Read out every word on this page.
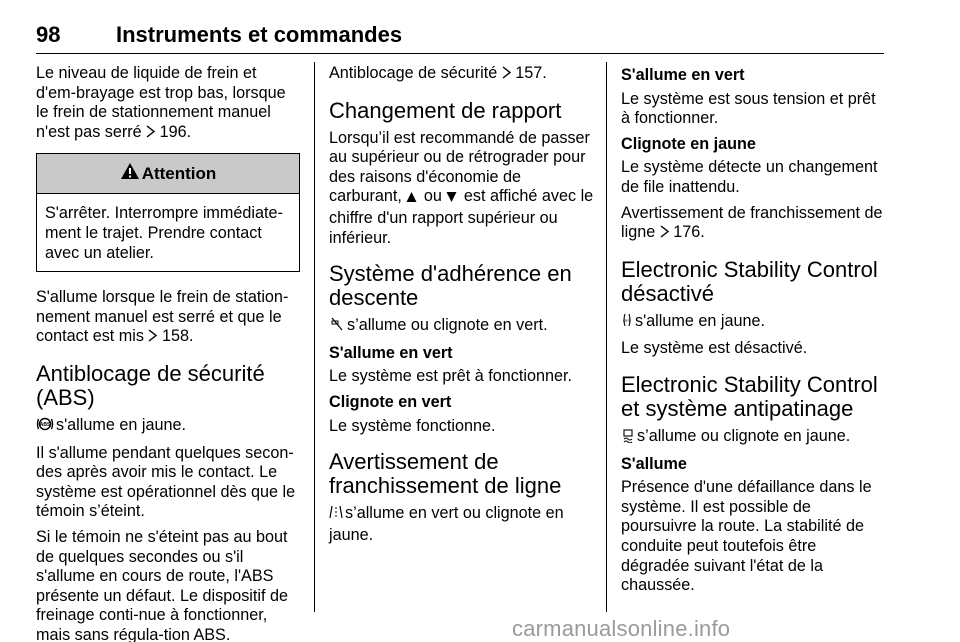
98	Instruments et commandes

Le niveau de liquide de frein et d'em-brayage est trop bas, lorsque le frein de stationnement manuel n'est pas serré 196.

Attention
S'arrêter. Interrompre immédiate-ment le trajet. Prendre contact avec un atelier.

S'allume lorsque le frein de station-nement manuel est serré et que le contact est mis 158.

Antiblocage de sécurité (ABS)

ABS s'allume en jaune.

Il s'allume pendant quelques secon-des après avoir mis le contact. Le système est opérationnel dès que le témoin s’éteint.

Si le témoin ne s'éteint pas au bout de quelques secondes ou s'il s'allume en cours de route, l'ABS présente un défaut. Le dispositif de freinage conti-nue à fonctionner, mais sans régula-tion ABS.

Antiblocage de sécurité 157.

Changement de rapport

Lorsqu’il est recommandé de passer au supérieur ou de rétrograder pour des raisons d'économie de carburant, ou est affiché avec le chiffre d'un rapport supérieur ou inférieur.

Système d'adhérence en descente

s’allume ou clignote en vert.

S'allume en vert

Le système est prêt à fonctionner.

Clignote en vert

Le système fonctionne.

Avertissement de franchissement de ligne

s’allume en vert ou clignote en jaune.

S'allume en vert

Le système est sous tension et prêt à fonctionner.

Clignote en jaune

Le système détecte un changement de file inattendu.

Avertissement de franchissement de ligne 176.

Electronic Stability Control désactivé

OFF s'allume en jaune.

Le système est désactivé.

Electronic Stability Control et système antipatinage

s’allume ou clignote en jaune.

S'allume

Présence d'une défaillance dans le système. Il est possible de poursuivre la route. La stabilité de conduite peut toutefois être dégradée suivant l'état de la chaussée.

carmanualsonline.info
